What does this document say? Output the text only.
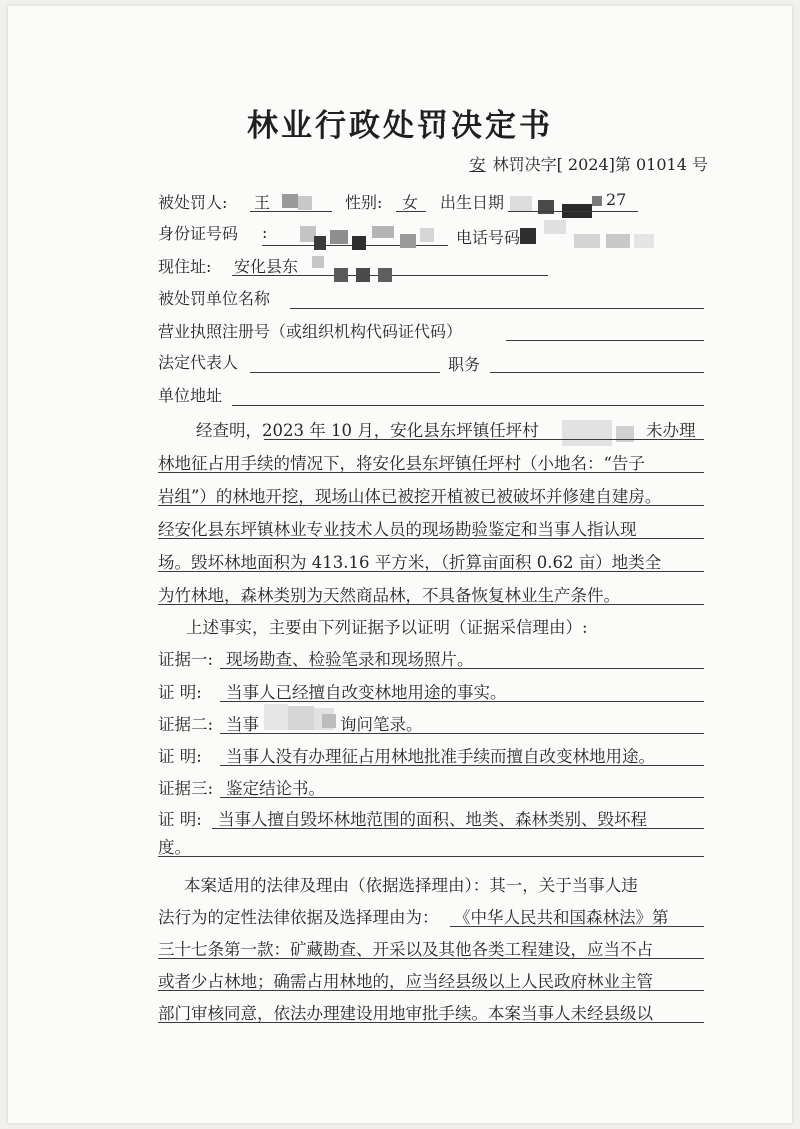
林业行政处罚决定书
安 林罚决字[ 2024]第 01014 号
被处罚人: 王	性别: 女 出生日期	27
身份证号码 :	电话号码
现住址: 安化县东
被处罚单位名称
营业执照注册号（或组织机构代码证代码）
法定代表人	职务
单位地址
经查明，2023 年 10 月，安化县东坪镇任坪村	未办理
林地征占用手续的情况下，将安化县东坪镇任坪村（小地名：“告子
岩组”）的林地开挖，现场山体已被挖开植被已被破坏并修建自建房。
经安化县东坪镇林业专业技术人员的现场勘验鉴定和当事人指认现
场。毁坏林地面积为 413.16 平方米，（折算亩面积 0.62 亩）地类全
为竹林地，森林类别为天然商品林，不具备恢复林业生产条件。
上述事实，主要由下列证据予以证明（证据采信理由）:
证据一: 现场勘查、检验笔录和现场照片。
证 明: 当事人已经擅自改变林地用途的事实。
证据二: 当事	询问笔录。
证 明: 当事人没有办理征占用林地批准手续而擅自改变林地用途。
证据三: 鉴定结论书。
证 明: 当事人擅自毁坏林地范围的面积、地类、森林类别、毁坏程
度。
本案适用的法律及理由（依据选择理由）：其一，关于当事人违
法行为的定性法律依据及选择理由为： 《中华人民共和国森林法》第
三十七条第一款：矿藏勘查、开采以及其他各类工程建设，应当不占
或者少占林地；确需占用林地的，应当经县级以上人民政府林业主管
部门审核同意，依法办理建设用地审批手续。本案当事人未经县级以
